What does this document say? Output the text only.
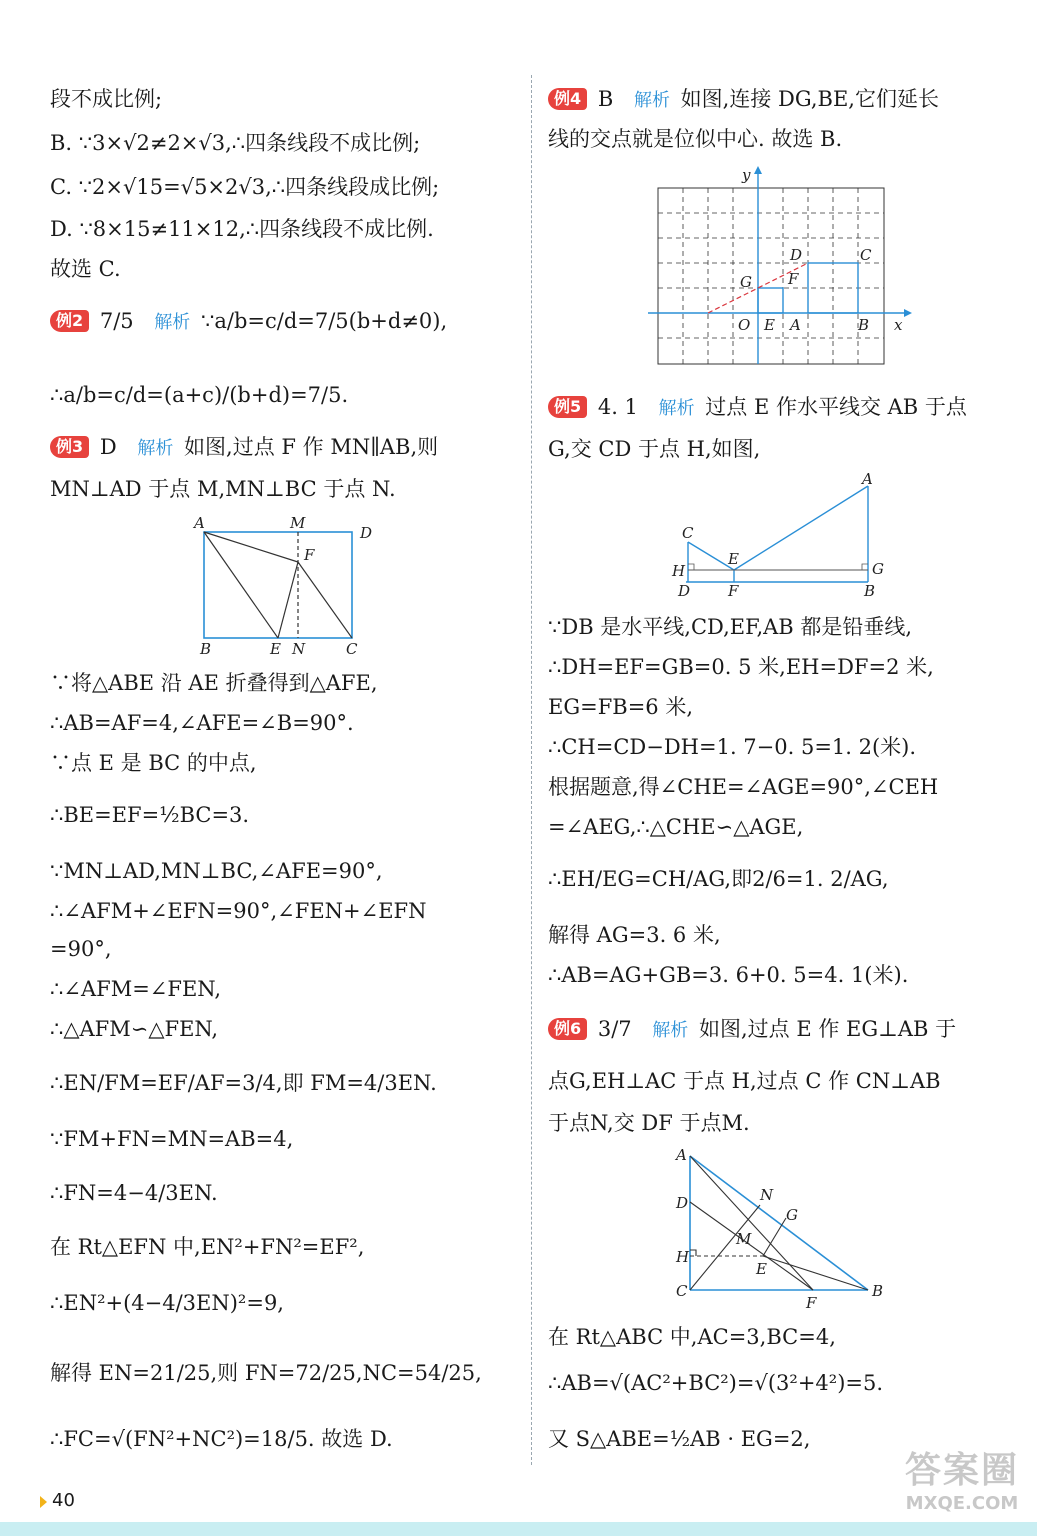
段不成比例;
B. ∵3×√2≠2×√3,∴四条线段不成比例;
C. ∵2×√15=√5×2√3,∴四条线段成比例;
D. ∵8×15≠11×12,∴四条线段不成比例.
故选 C.
例2 7/5 解析 ∵a/b=c/d=7/5(b+d≠0),
∴a/b=c/d=(a+c)/(b+d)=7/5.
例3 D 解析 如图,过点 F 作 MN∥AB,则
MN⊥AD 于点 M,MN⊥BC 于点 N.
A	M
D
F
B	E N	C
∵将△ABE 沿 AE 折叠得到△AFE,
∴AB=AF=4,∠AFE=∠B=90°.
∵点 E 是 BC 的中点,
∴BE=EF=½BC=3.
∵MN⊥AD,MN⊥BC,∠AFE=90°,
∴∠AFM+∠EFN=90°,∠FEN+∠EFN
=90°,
∴∠AFM=∠FEN,
∴△AFM∽△FEN,
∴EN/FM=EF/AF=3/4,即 FM=4/3EN.
∵FM+FN=MN=AB=4,
∴FN=4−4/3EN.
在 Rt△EFN 中,EN²+FN²=EF²,
∴EN²+(4−4/3EN)²=9,
解得 EN=21/25,则 FN=72/25,NC=54/25,
∴FC=√(FN²+NC²)=18/5. 故选 D.
例4 B 解析 如图,连接 DG,BE,它们延长
线的交点就是位似中心. 故选 B.
y
D	C
G F
O E A	B x
例5 4. 1 解析 过点 E 作水平线交 AB 于点
G,交 CD 于点 H,如图,
A
C
E
H	G
D	F	B
∵DB 是水平线,CD,EF,AB 都是铅垂线,
∴DH=EF=GB=0. 5 米,EH=DF=2 米,
EG=FB=6 米,
∴CH=CD−DH=1. 7−0. 5=1. 2(米).
根据题意,得∠CHE=∠AGE=90°,∠CEH
=∠AEG,∴△CHE∽△AGE,
∴EH/EG=CH/AG,即2/6=1. 2/AG,
解得 AG=3. 6 米,
∴AB=AG+GB=3. 6+0. 5=4. 1(米).
例6 3/7 解析 如图,过点 E 作 EG⊥AB 于
点G,EH⊥AC 于点 H,过点 C 作 CN⊥AB
于点N,交 DF 于点M.
A
D	N
G
M
H
E
C
F
B
在 Rt△ABC 中,AC=3,BC=4,
∴AB=√(AC²+BC²)=√(3²+4²)=5.
又 S△ABE=½AB · EG=2,
40
答案圈
MXQE.COM
